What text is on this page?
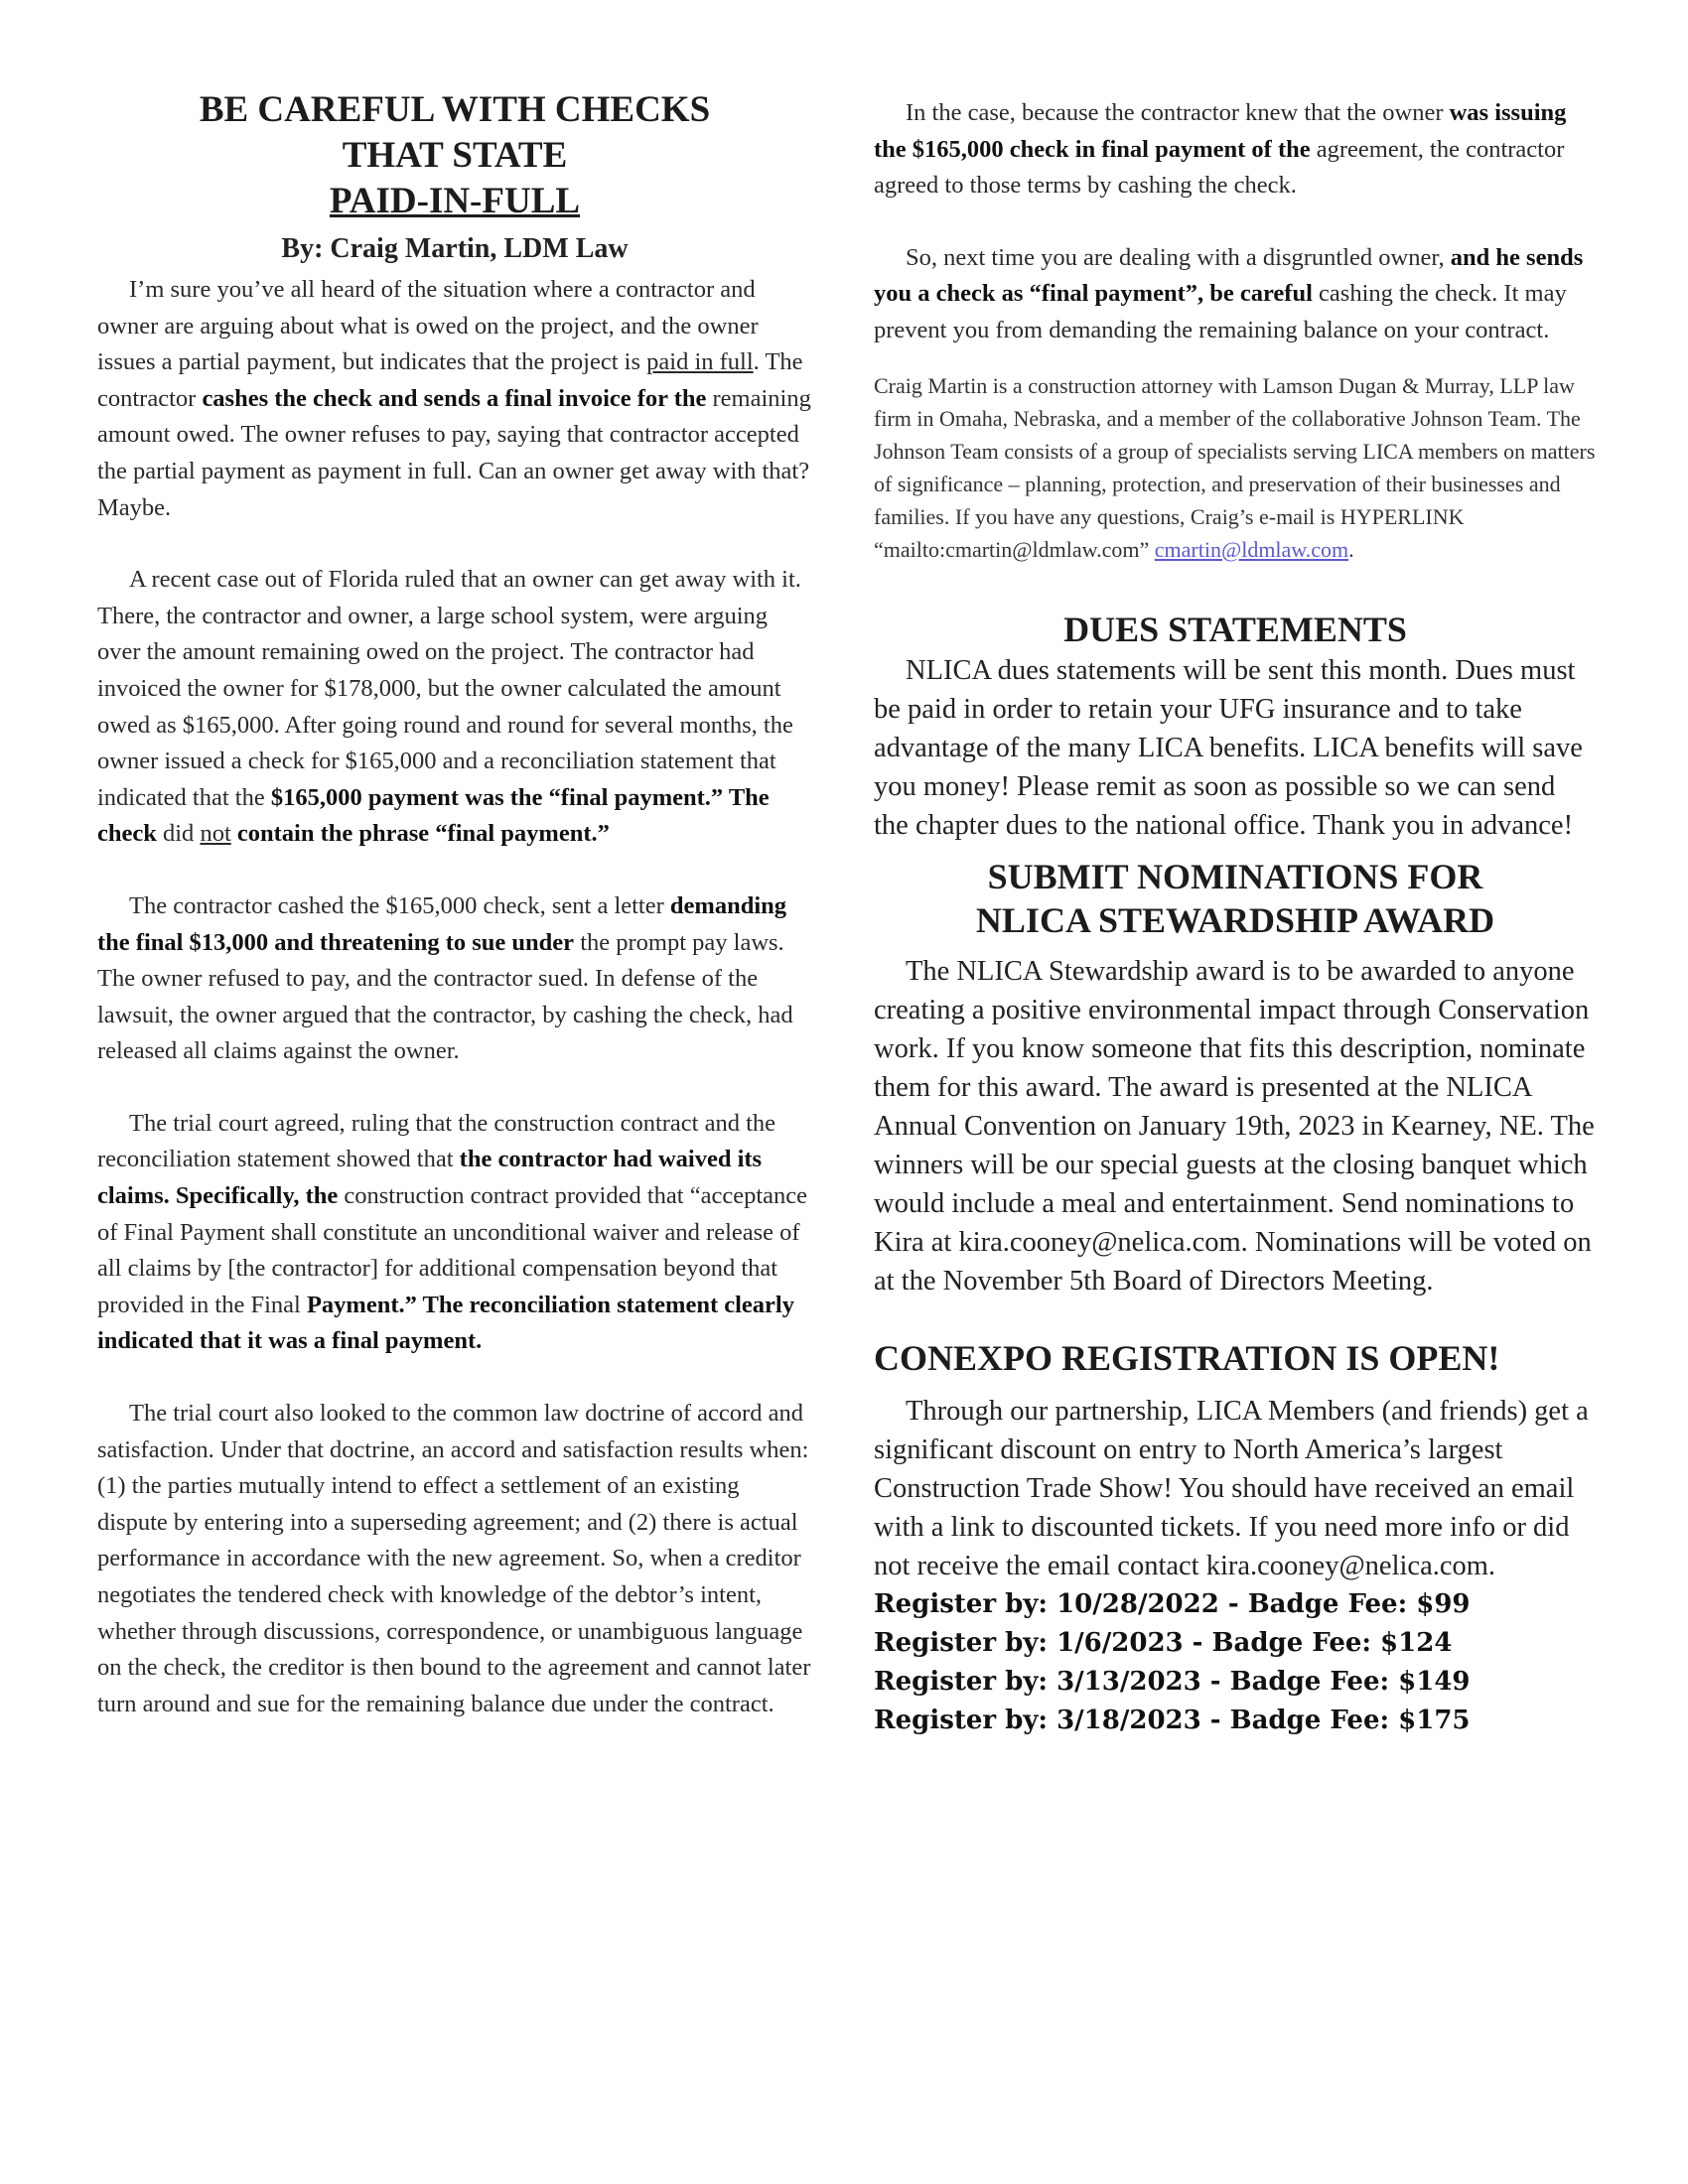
BE CAREFUL WITH CHECKS
THAT STATE
PAID-IN-FULL
By: Craig Martin, LDM Law

I’m sure you’ve all heard of the situation where a contractor and owner are arguing about what is owed on the project, and the owner issues a partial payment, but indicates that the project is paid in full. The contractor cashes the check and sends a final invoice for the remaining amount owed. The owner refuses to pay, saying that contractor accepted the partial payment as payment in full. Can an owner get away with that? Maybe.

A recent case out of Florida ruled that an owner can get away with it. There, the contractor and owner, a large school system, were arguing over the amount remaining owed on the project. The contractor had invoiced the owner for $178,000, but the owner calculated the amount owed as $165,000. After going round and round for several months, the owner issued a check for $165,000 and a reconciliation statement that indicated that the $165,000 payment was the “final payment.” The check did not contain the phrase “final payment.”

The contractor cashed the $165,000 check, sent a letter demanding the final $13,000 and threatening to sue under the prompt pay laws. The owner refused to pay, and the contractor sued. In defense of the lawsuit, the owner argued that the contractor, by cashing the check, had released all claims against the owner.

The trial court agreed, ruling that the construction contract and the reconciliation statement showed that the contractor had waived its claims. Specifically, the construction contract provided that “acceptance of Final Payment shall constitute an unconditional waiver and release of all claims by [the contractor] for additional compensation beyond that provided in the Final Payment.” The reconciliation statement clearly indicated that it was a final payment.

The trial court also looked to the common law doctrine of accord and satisfaction. Under that doctrine, an accord and satisfaction results when: (1) the parties mutually intend to effect a settlement of an existing dispute by entering into a superseding agreement; and (2) there is actual performance in accordance with the new agreement. So, when a creditor negotiates the tendered check with knowledge of the debtor’s intent, whether through discussions, correspondence, or unambiguous language on the check, the creditor is then bound to the agreement and cannot later turn around and sue for the remaining balance due under the contract.

In the case, because the contractor knew that the owner was issuing the $165,000 check in final payment of the agreement, the contractor agreed to those terms by cashing the check.

So, next time you are dealing with a disgruntled owner, and he sends you a check as “final payment”, be careful cashing the check. It may prevent you from demanding the remaining balance on your contract.

Craig Martin is a construction attorney with Lamson Dugan & Murray, LLP law firm in Omaha, Nebraska, and a member of the collaborative Johnson Team. The Johnson Team consists of a group of specialists serving LICA members on matters of significance – planning, protection, and preservation of their businesses and families. If you have any questions, Craig’s e-mail is HYPERLINK “mailto:cmartin@ldmlaw.com” cmartin@ldmlaw.com.
DUES STATEMENTS

NLICA dues statements will be sent this month. Dues must be paid in order to retain your UFG insurance and to take advantage of the many LICA benefits. LICA benefits will save you money! Please remit as soon as possible so we can send the chapter dues to the national office. Thank you in advance!

SUBMIT NOMINATIONS FOR
NLICA STEWARDSHIP AWARD

The NLICA Stewardship award is to be awarded to anyone creating a positive environmental impact through Conservation work. If you know someone that fits this description, nominate them for this award. The award is presented at the NLICA Annual Convention on January 19th, 2023 in Kearney, NE. The winners will be our special guests at the closing banquet which would include a meal and entertainment. Send nominations to Kira at kira.cooney@nelica.com. Nominations will be voted on at the November 5th Board of Directors Meeting.

CONEXPO REGISTRATION IS OPEN!

Through our partnership, LICA Members (and friends) get a significant discount on entry to North America’s largest Construction Trade Show! You should have received an email with a link to discounted tickets. If you need more info or did not receive the email contact kira.cooney@nelica.com.

Register by: 10/28/2022 - Badge Fee: $99
Register by: 1/6/2023 - Badge Fee: $124
Register by: 3/13/2023 - Badge Fee: $149
Register by: 3/18/2023 - Badge Fee: $175
